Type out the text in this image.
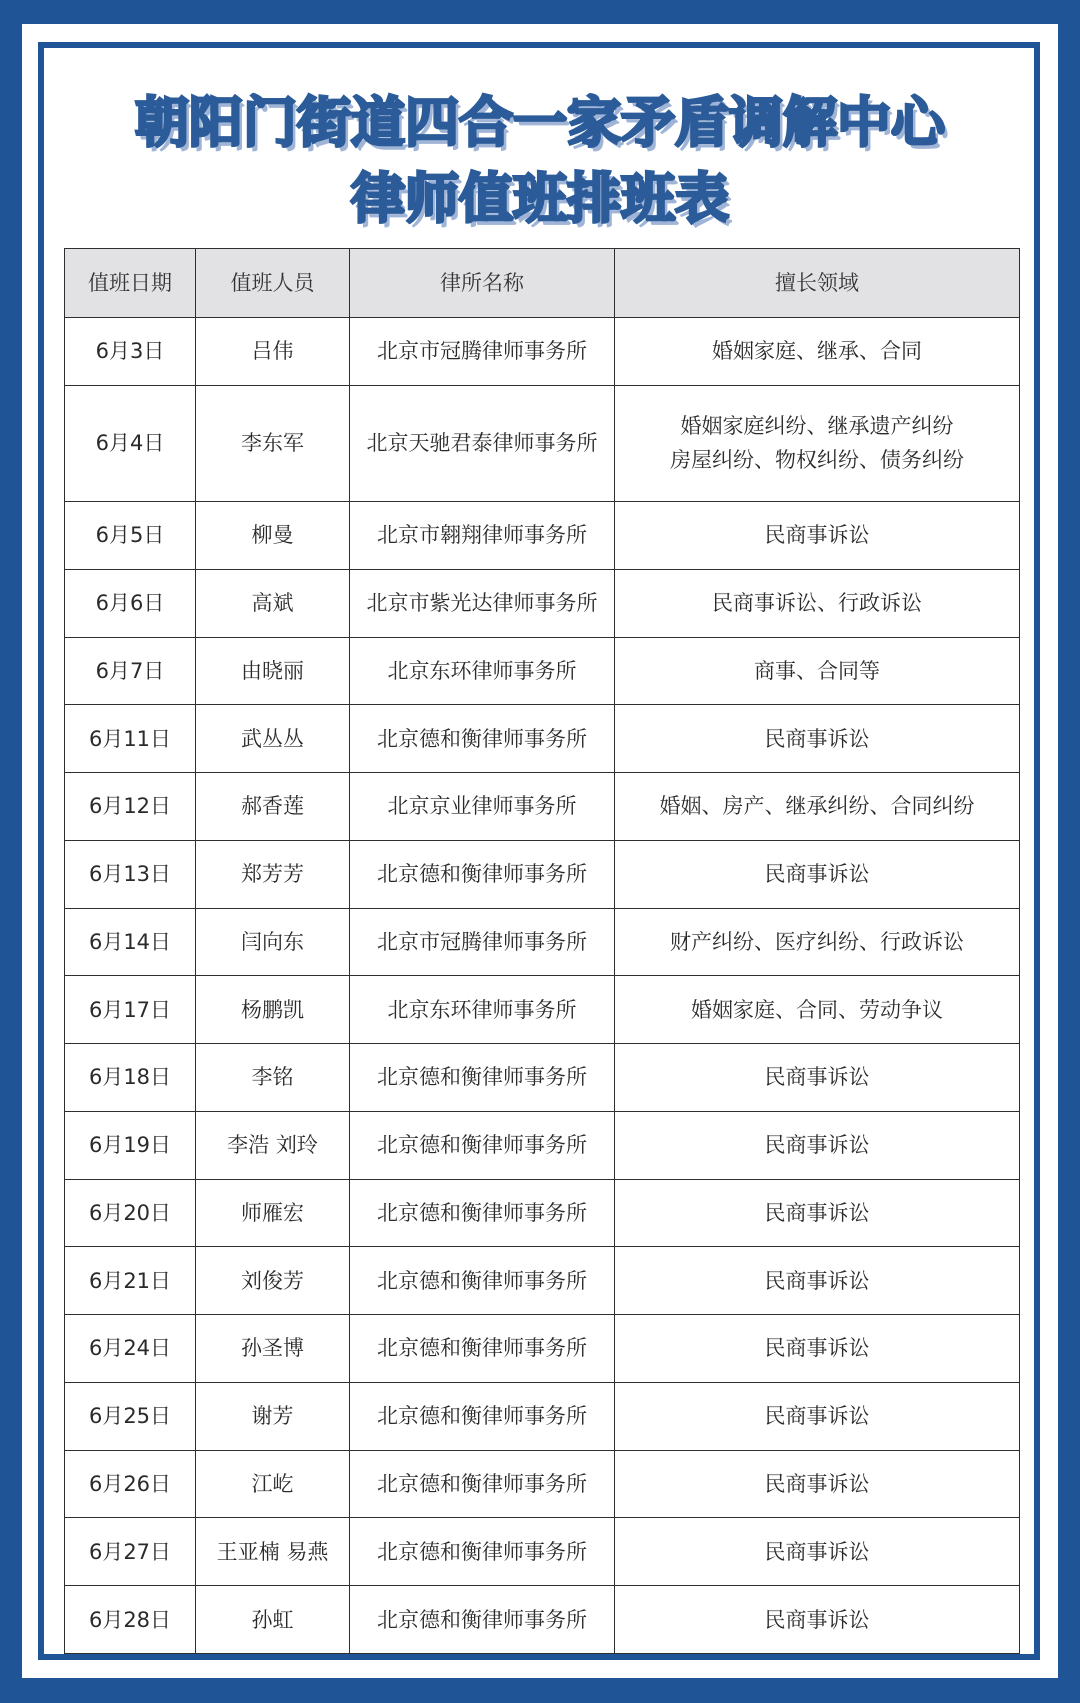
朝阳门街道四合一家矛盾调解中心
律师值班排班表
值班日期	值班人员	律所名称	擅长领域
6月3日	吕伟	北京市冠腾律师事务所	婚姻家庭、继承、合同

6月4日	李东军	北京天驰君泰律师事务所	婚姻家庭纠纷、继承遗产纠纷
房屋纠纷、物权纠纷、债务纠纷

6月5日	柳曼	北京市翱翔律师事务所	民商事诉讼

6月6日	高斌	北京市紫光达律师事务所	民商事诉讼、行政诉讼

6月7日	由晓丽	北京东环律师事务所	商事、合同等

6月11日	武丛丛	北京德和衡律师事务所	民商事诉讼

6月12日	郝香莲	北京京业律师事务所	婚姻、房产、继承纠纷、合同纠纷

6月13日	郑芳芳	北京德和衡律师事务所	民商事诉讼

6月14日	闫向东	北京市冠腾律师事务所	财产纠纷、医疗纠纷、行政诉讼

6月17日	杨鹏凯	北京东环律师事务所	婚姻家庭、合同、劳动争议

6月18日	李铭	北京德和衡律师事务所	民商事诉讼

6月19日	李浩 刘玲	北京德和衡律师事务所	民商事诉讼

6月20日	师雁宏	北京德和衡律师事务所	民商事诉讼

6月21日	刘俊芳	北京德和衡律师事务所	民商事诉讼

6月24日	孙圣博	北京德和衡律师事务所	民商事诉讼

6月25日	谢芳	北京德和衡律师事务所	民商事诉讼

6月26日	江屹	北京德和衡律师事务所	民商事诉讼

6月27日	王亚楠 易燕	北京德和衡律师事务所	民商事诉讼

6月28日	孙虹	北京德和衡律师事务所	民商事诉讼
